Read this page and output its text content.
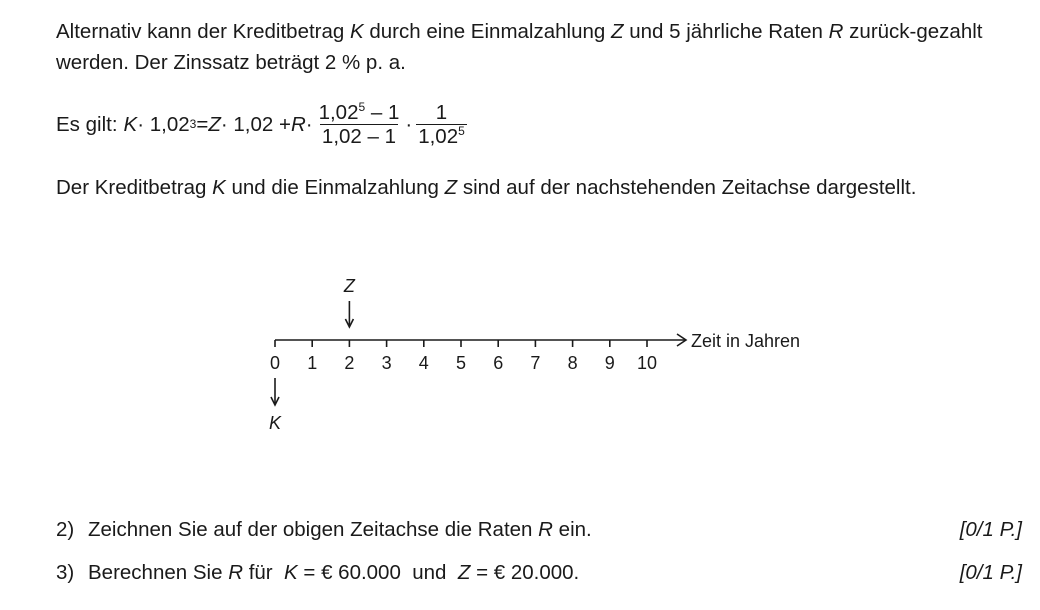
Alternativ kann der Kreditbetrag K durch eine Einmalzahlung Z und 5 jährliche Raten R zurück-gezahlt werden. Der Zinssatz beträgt 2 % p. a.

Es gilt: K · 1,02 $3 = Z \cdot 1,02 + R \cdot \frac{1,02^5 - 1}{1,02 - 1} \cdot \frac{1}{1,02^5}$

Der Kreditbetrag K und die Einmalzahlung Z sind auf der nachstehenden Zeitachse dargestellt.

Zeit in Jahren
0 1 2 3 4 5 6 7 8 9 10
Z
K
2) Zeichnen Sie auf der obigen Zeitachse die Raten R ein.	[0/1 P.]
3) Berechnen Sie R für  K = € 60.000  und  Z = € 20.000.	[0/1 P.]
